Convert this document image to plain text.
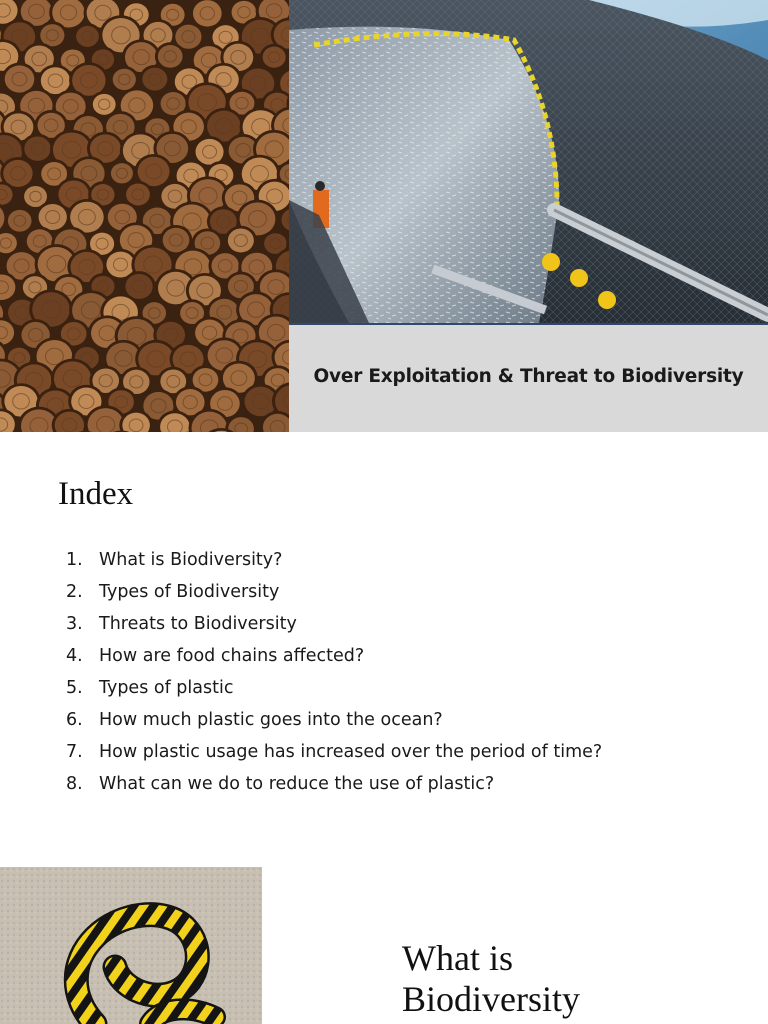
Over Exploitation & Threat to Biodiversity
Index
1. What is Biodiversity?
2. Types of Biodiversity
3. Threats to Biodiversity
4. How are food chains affected?
5. Types of plastic
6. How much plastic goes into the ocean?
7. How plastic usage has increased over the period of time?
8. What can we do to reduce the use of plastic?
What is
Biodiversity
